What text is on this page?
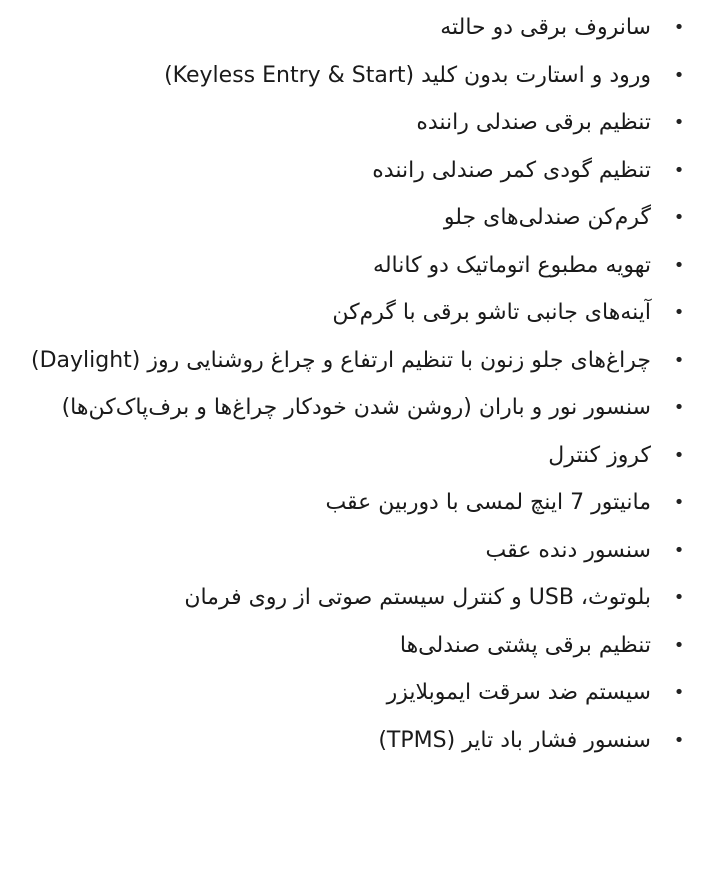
•
سانروف برقی دو حالته
•
ورود و استارت بدون کلید (Keyless Entry & Start)
•
تنظیم برقی صندلی راننده
•
تنظیم گودی کمر صندلی راننده
•
گرم‌کن صندلی‌های جلو
•
تهویه مطبوع اتوماتیک دو کاناله
•
آینه‌های جانبی تاشو برقی با گرم‌کن
•
چراغ‌های جلو زنون با تنظیم ارتفاع و چراغ روشنایی روز (Daylight)
•
سنسور نور و باران (روشن شدن خودکار چراغ‌ها و برف‌پاک‌کن‌ها)
•
کروز کنترل
•
مانیتور 7 اینچ لمسی با دوربین عقب
•
سنسور دنده عقب
•
بلوتوث، USB و کنترل سیستم صوتی از روی فرمان
•
تنظیم برقی پشتی صندلی‌ها
•
سیستم ضد سرقت ایموبلایزر
•
سنسور فشار باد تایر (TPMS)
